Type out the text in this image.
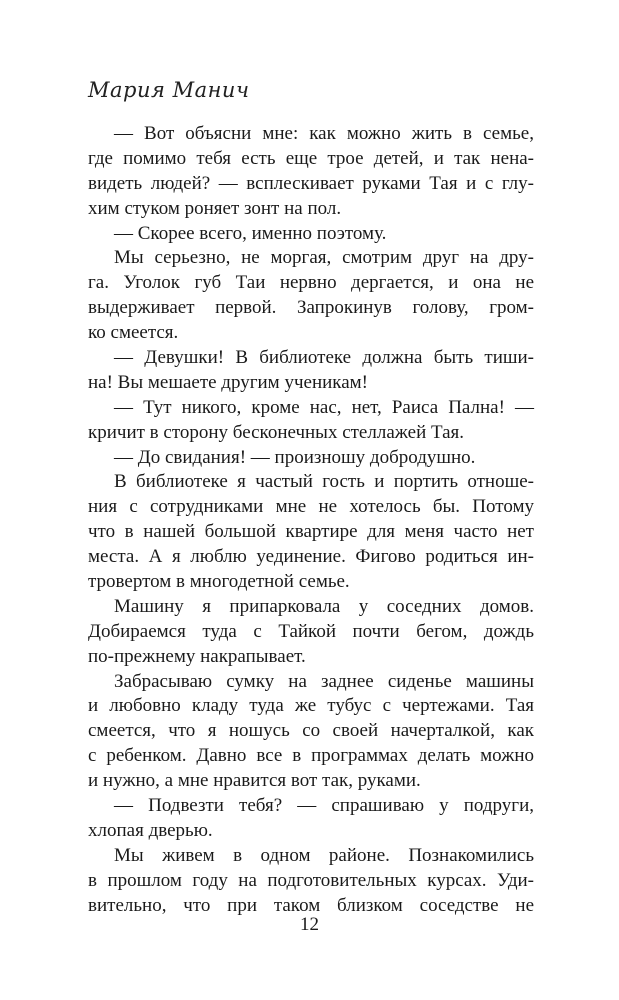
Мария Манич
— Вот объясни мне: как можно жить в семье,
где помимо тебя есть еще трое детей, и так нена-
видеть людей? — всплескивает руками Тая и с глу-
хим стуком роняет зонт на пол.
— Скорее всего, именно поэтому.
Мы серьезно, не моргая, смотрим друг на дру-
га. Уголок губ Таи нервно дергается, и она не
выдерживает первой. Запрокинув голову, гром-
ко смеется.
— Девушки! В библиотеке должна быть тиши-
на! Вы мешаете другим ученикам!
— Тут никого, кроме нас, нет, Раиса Пална! —
кричит в сторону бесконечных стеллажей Тая.
— До свидания! — произношу добродушно.
В библиотеке я частый гость и портить отноше-
ния с сотрудниками мне не хотелось бы. Потому
что в нашей большой квартире для меня часто нет
места. А я люблю уединение. Фигово родиться ин-
тровертом в многодетной семье.
Машину я припарковала у соседних домов.
Добираемся туда с Тайкой почти бегом, дождь
по-прежнему накрапывает.
Забрасываю сумку на заднее сиденье машины
и любовно кладу туда же тубус с чертежами. Тая
смеется, что я ношусь со своей начерталкой, как
с ребенком. Давно все в программах делать можно
и нужно, а мне нравится вот так, руками.
— Подвезти тебя? — спрашиваю у подруги,
хлопая дверью.
Мы живем в одном районе. Познакомились
в прошлом году на подготовительных курсах. Уди-
вительно, что при таком близком соседстве не
12
